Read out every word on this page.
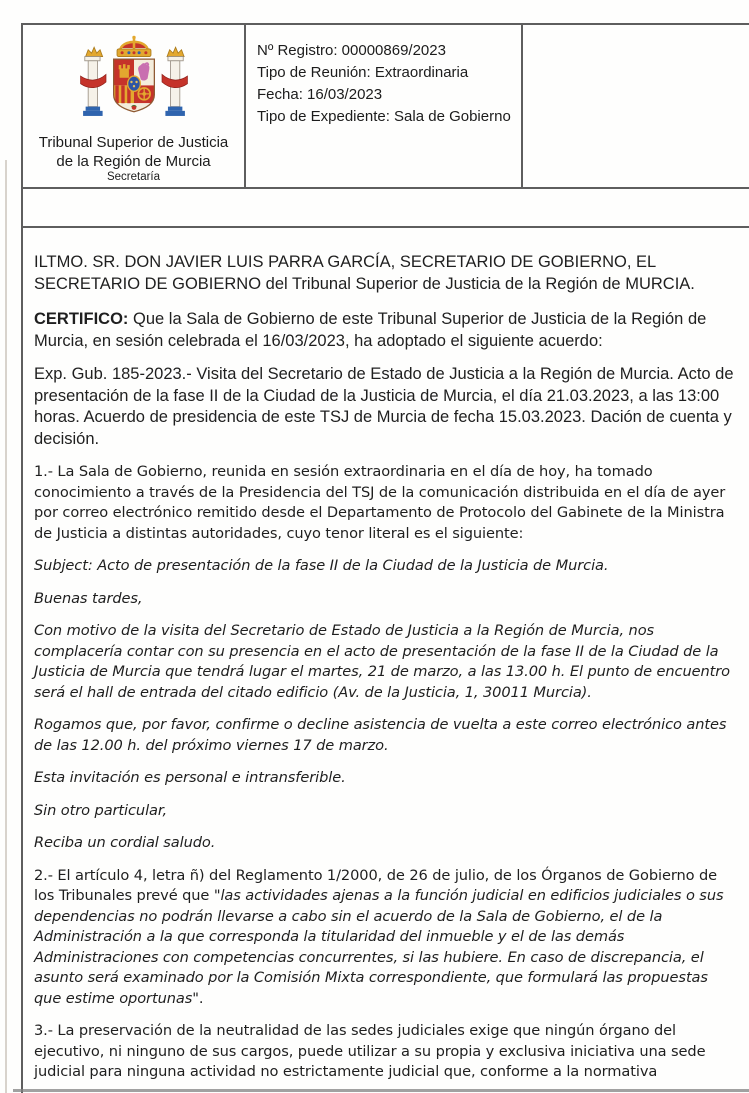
Tribunal Superior de Justicia
de la Región de Murcia
Secretaría
Nº Registro: 00000869/2023
Tipo de Reunión: Extraordinaria
Fecha: 16/03/2023
Tipo de Expediente: Sala de Gobierno

ILTMO. SR. DON JAVIER LUIS PARRA GARCÍA, SECRETARIO DE GOBIERNO, EL SECRETARIO DE GOBIERNO del Tribunal Superior de Justicia de la Región de MURCIA.

CERTIFICO: Que la Sala de Gobierno de este Tribunal Superior de Justicia de la Región de Murcia, en sesión celebrada el 16/03/2023, ha adoptado el siguiente acuerdo:

Exp. Gub. 185-2023.- Visita del Secretario de Estado de Justicia a la Región de Murcia. Acto de presentación de la fase II de la Ciudad de la Justicia de Murcia, el día 21.03.2023, a las 13:00 horas. Acuerdo de presidencia de este TSJ de Murcia de fecha 15.03.2023. Dación de cuenta y decisión.

1.- La Sala de Gobierno, reunida en sesión extraordinaria en el día de hoy, ha tomado conocimiento a través de la Presidencia del TSJ de la comunicación distribuida en el día de ayer por correo electrónico remitido desde el Departamento de Protocolo del Gabinete de la Ministra de Justicia a distintas autoridades, cuyo tenor literal es el siguiente:

Subject: Acto de presentación de la fase II de la Ciudad de la Justicia de Murcia.

Buenas tardes,

Con motivo de la visita del Secretario de Estado de Justicia a la Región de Murcia, nos complacería contar con su presencia en el acto de presentación de la fase II de la Ciudad de la Justicia de Murcia que tendrá lugar el martes, 21 de marzo, a las 13.00 h. El punto de encuentro será el hall de entrada del citado edificio (Av. de la Justicia, 1, 30011 Murcia).

Rogamos que, por favor, confirme o decline asistencia de vuelta a este correo electrónico antes de las 12.00 h. del próximo viernes 17 de marzo.

Esta invitación es personal e intransferible.

Sin otro particular,

Reciba un cordial saludo.

2.- El artículo 4, letra ñ) del Reglamento 1/2000, de 26 de julio, de los Órganos de Gobierno de los Tribunales prevé que "las actividades ajenas a la función judicial en edificios judiciales o sus dependencias no podrán llevarse a cabo sin el acuerdo de la Sala de Gobierno, el de la Administración a la que corresponda la titularidad del inmueble y el de las demás Administraciones con competencias concurrentes, si las hubiere. En caso de discrepancia, el asunto será examinado por la Comisión Mixta correspondiente, que formulará las propuestas que estime oportunas".

3.- La preservación de la neutralidad de las sedes judiciales exige que ningún órgano del ejecutivo, ni ninguno de sus cargos, puede utilizar a su propia y exclusiva iniciativa una sede judicial para ninguna actividad no estrictamente judicial que, conforme a la normativa
